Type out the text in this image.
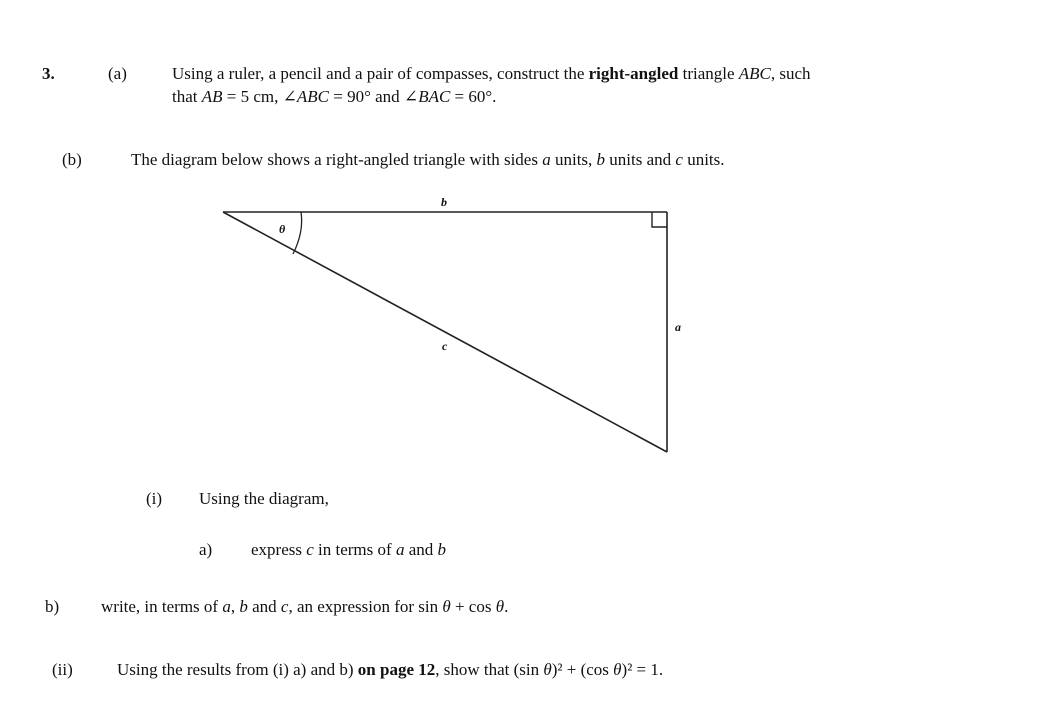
3.	(a)	Using a ruler, a pencil and a pair of compasses, construct the right-angled triangle ABC, such
that AB = 5 cm, ∠ABC = 90° and ∠BAC = 60°.
(b)	The diagram below shows a right-angled triangle with sides a units, b units and c units.
b
a
c
θ
(i) Using the diagram,
a) express c in terms of a and b
b) write, in terms of a, b and c, an expression for sin θ + cos θ.
(ii)	Using the results from (i) a) and b) on page 12, show that (sin θ)² + (cos θ)² = 1.
